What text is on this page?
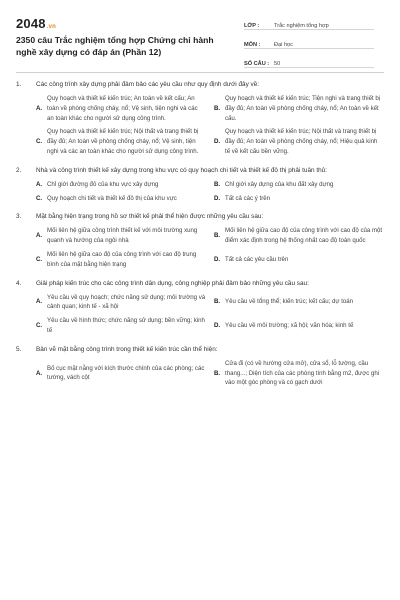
2048.vn
2350 câu Trắc nghiệm tổng hợp Chứng chỉ hành nghề xây dựng có đáp án (Phần 12)
LỚP :	Trắc nghiệm tổng hợp
MÔN :	Đại học
SỐ CÂU : 50
1.	Các công trình xây dựng phải đảm bảo các yêu cầu như quy định dưới đây về:
A.
Quy hoạch và thiết kế kiến trúc; An toàn về kết cấu; An toàn về phòng chống cháy, nổ; Vệ sinh, tiện nghi và các an toàn khác cho người sử dụng công trình.
B.
Quy hoạch và thiết kế kiến trúc; Tiện nghi và trang thiết bị đầy đủ; An toàn về phòng chống cháy, nổ; An toàn về kết cấu.
C.
Quy hoạch và thiết kế kiến trúc; Nội thất và trang thiết bị đầy đủ; An toàn về phòng chống cháy, nổ; Vệ sinh, tiện nghi và các an toàn khác cho người sử dụng công trình.
D.
Quy hoạch và thiết kế kiến trúc; Nội thất và trang thiết bị đầy đủ; An toàn về phòng chống cháy, nổ; Hiệu quả kinh tế về kết cấu bền vững.
2.	Nhà và công trình thiết kế xây dựng trong khu vực có quy hoạch chi tiết và thiết kế đô thị phải tuân thủ:
A. Chỉ giới đường đỏ của khu vực xây dựng	B. Chỉ giới xây dựng của khu đất xây dựng
C. Quy hoạch chi tiết và thiết kế đô thị của khu vực	D. Tất cả các ý trên
3.	Mặt bằng hiện trạng trong hồ sơ thiết kế phải thể hiện được những yêu cầu sau:
A.
Mối liên hệ giữa công trình thiết kế với môi trường xung quanh và hướng của ngôi nhà
B.
Mối liên hệ giữa cao độ của công trình với cao độ của một điểm xác định trong hệ thống nhất cao độ toàn quốc
C.
Mối liên hệ giữa cao độ của công trình với cao độ trung bình của mặt bằng hiện trạng
D. Tất cả các yêu cầu trên
4.	Giải pháp kiến trúc cho các công trình dân dụng, công nghiệp phải đảm bảo những yêu cầu sau:
A.
Yêu cầu về quy hoạch; chức năng sử dụng; môi trường và cảnh quan; kinh tế - xã hội
B. Yêu cầu về tổng thể; kiến trúc; kết cấu; dự toán
C.
Yêu cầu về hình thức; chức năng sử dụng; bền vững; kinh tế
D. Yêu cầu về môi trường; xã hội; văn hóa; kinh tế
5.	Bản vẽ mặt bằng công trình trong thiết kế kiến trúc cần thể hiện:
A.
Bố cục mặt nằng với kích thước chính của các phòng; các tường, vách cột
B.
Cửa đi (có về hướng cửa mở), cửa sổ, lỗ tường, cầu thang...; Diện tích của các phòng tính bằng m2, được ghi vào một góc phòng và có gạch dưới
